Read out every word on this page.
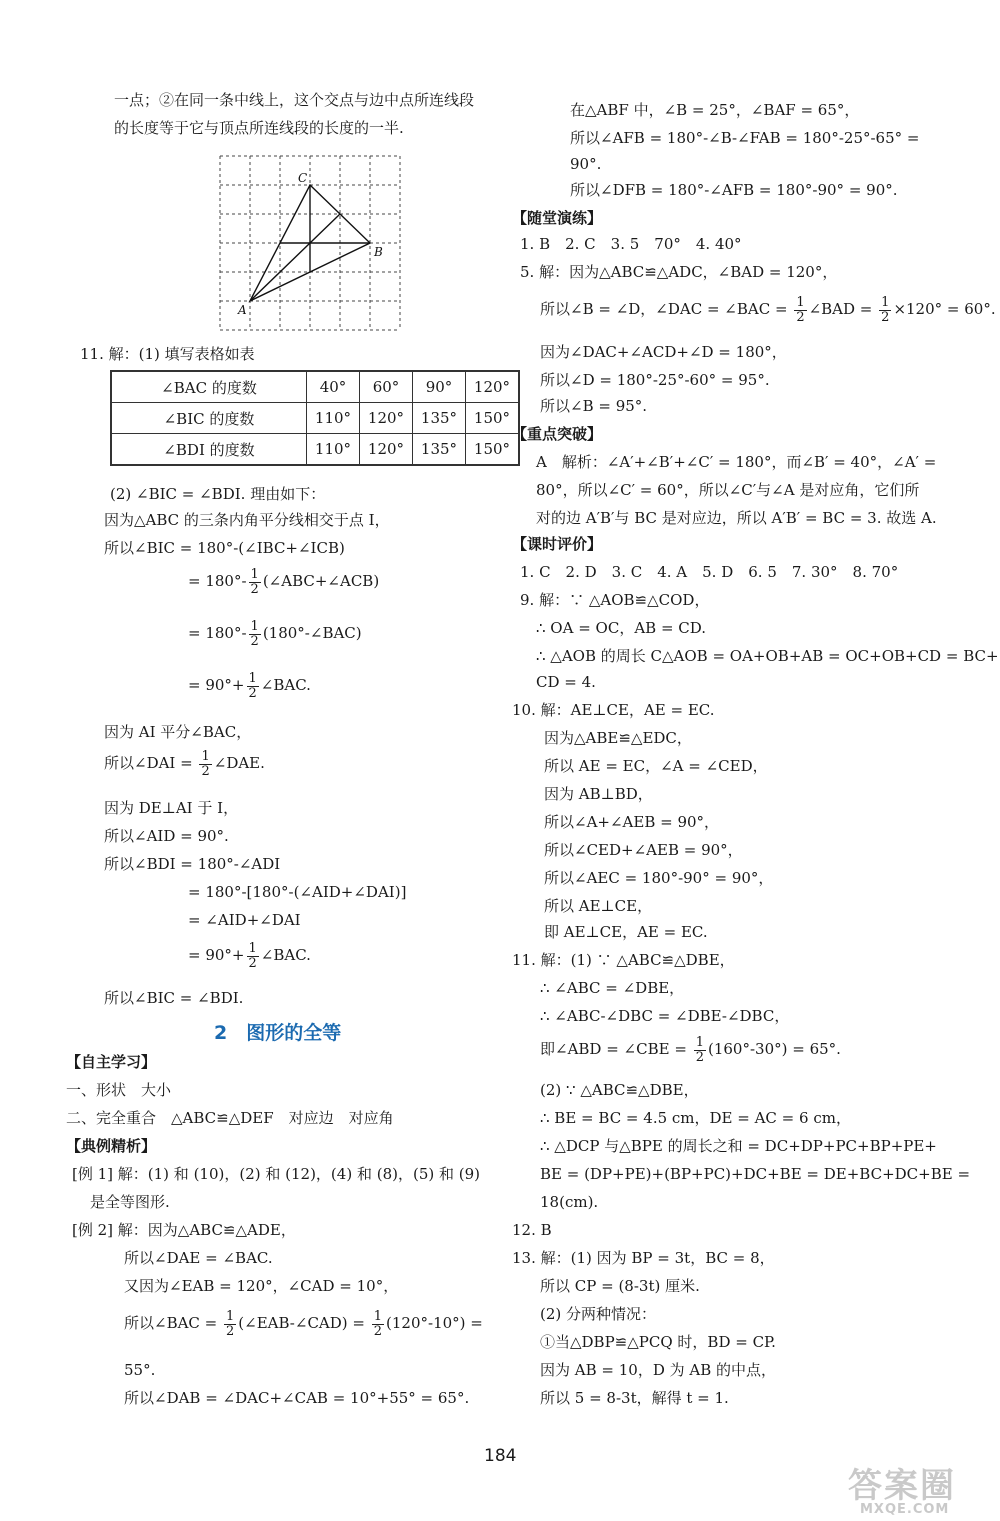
C
B
A
一点；②在同一条中线上，这个交点与边中点所连线段
的长度等于它与顶点所连线段的长度的一半.
11. 解：(1) 填写表格如表
(2) ∠BIC = ∠BDI. 理由如下：
因为△ABC 的三条内角平分线相交于点 I，
所以∠BIC = 180°-(∠IBC+∠ICB)
因为 AI 平分∠BAC，
因为 DE⊥AI 于 I，
所以∠AID = 90°.
所以∠BDI = 180°-∠ADI
= 180°-[180°-(∠AID+∠DAI)]
= ∠AID+∠DAI
所以∠BIC = ∠BDI.
一、形状　大小
二、完全重合　△ABC≌△DEF　对应边　对应角
[例 1] 解：(1) 和 (10)，(2) 和 (12)，(4) 和 (8)，(5) 和 (9)
是全等图形.
[例 2] 解：因为△ABC≌△ADE，
所以∠DAE = ∠BAC.
又因为∠EAB = 120°，∠CAD = 10°，
55°.
所以∠DAB = ∠DAC+∠CAB = 10°+55° = 65°.
【自主学习】
【典例精析】
= $180^\circ- \frac{1}{2}$ (∠ABC+∠ACB)
= $180^\circ- \frac{1}{2}$ (180°-∠BAC)
= $90^\circ+ \frac{1}{2}$ ∠BAC.
所以∠DAI = $\frac{1}{2}$ ∠DAE.
= $90^\circ+ \frac{1}{2}$ ∠BAC.
所以∠BAC = $\frac{1}{2}$ (∠EAB-∠CAD) = $\frac{1}{2} (120^\circ-10^\circ)$ =
∠BAC 的度数	40°	60°	90°	120°
∠BIC 的度数	110°	120°	135°	150°
∠BDI 的度数	110°	120°	135°	150°
2　图形的全等
在△ABF 中，∠B = 25°，∠BAF = 65°，
所以∠AFB = 180°-∠B-∠FAB = 180°-25°-65° =
90°.
所以∠DFB = 180°-∠AFB = 180°-90° = 90°.
1. B　2. C　3. 5　70°　4. 40°
5. 解：因为△ABC≌△ADC，∠BAD = 120°，
因为∠DAC+∠ACD+∠D = 180°，
所以∠D = 180°-25°-60° = 95°.
所以∠B = 95°.
A　解析：∠A′+∠B′+∠C′ = 180°，而∠B′ = 40°，∠A′ =
80°，所以∠C′ = 60°，所以∠C′与∠A 是对应角，它们所
对的边 A′B′与 BC 是对应边，所以 A′B′ = BC = 3. 故选 A.
1. C　2. D　3. C　4. A　5. D　6. 5　7. 30°　8. 70°
9. 解：∵ △AOB≌△COD，
∴ OA = OC，AB = CD.
∴ △AOB 的周长 C△AOB = OA+OB+AB = OC+OB+CD = BC+
CD = 4.
10. 解：AE⊥CE，AE = EC.
因为△ABE≌△EDC，
所以 AE = EC，∠A = ∠CED，
因为 AB⊥BD，
所以∠A+∠AEB = 90°，
所以∠CED+∠AEB = 90°，
所以∠AEC = 180°-90° = 90°，
所以 AE⊥CE，
即 AE⊥CE，AE = EC.
11. 解：(1) ∵ △ABC≌△DBE，
∴ ∠ABC = ∠DBE，
∴ ∠ABC-∠DBC = ∠DBE-∠DBC，
(2) ∵ △ABC≌△DBE，
∴ BE = BC = 4.5 cm，DE = AC = 6 cm，
∴ △DCP 与△BPE 的周长之和 = DC+DP+PC+BP+PE+
BE = (DP+PE)+(BP+PC)+DC+BE = DE+BC+DC+BE =
18(cm).
12. B
13. 解：(1) 因为 BP = 3t，BC = 8，
所以 CP = (8-3t) 厘米.
(2) 分两种情况：
①当△DBP≌△PCQ 时，BD = CP.
因为 AB = 10，D 为 AB 的中点，
所以 5 = 8-3t，解得 t = 1.
【随堂演练】
【重点突破】
【课时评价】
所以∠B = ∠D，∠DAC = ∠BAC = $\frac{1}{2}$ ∠BAD = $\frac{1}{2} \times 120^\circ = 60^\circ$.
即∠ABD = ∠CBE = $\frac{1}{2} (160^\circ-30^\circ) = 65^\circ$.
184
答案圈
MXQE.COM
